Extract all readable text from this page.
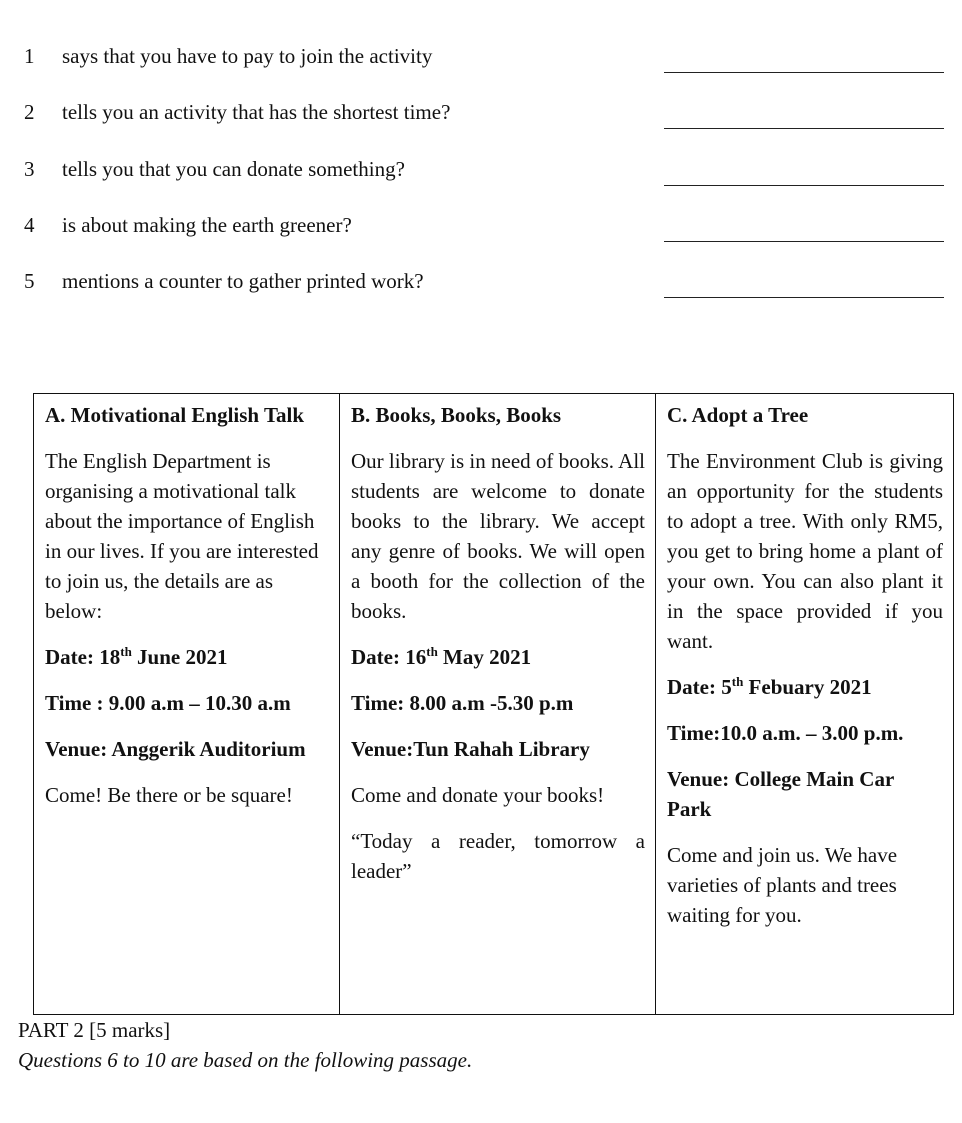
1 says that you have to pay to join the activity
2 tells you an activity that has the shortest time?
3 tells you that you can donate something?
4 is about making the earth greener?
5 mentions a counter to gather printed work?

A. Motivational English Talk

The English Department is organising a motivational talk about the importance of English in our lives. If you are interested to join us, the details are as below:

Date: 18th June 2021

Time : 9.00 a.m – 10.30 a.m

Venue: Anggerik Auditorium

Come! Be there or be square!

B. Books, Books, Books

Our library is in need of books. All students are welcome to donate books to the library. We accept any genre of books. We will open a booth for the collection of the books.

Date: 16th May 2021

Time: 8.00 a.m -5.30 p.m

Venue:Tun Rahah Library

Come and donate your books!

“Today a reader, tomorrow a leader”

C. Adopt a Tree

The Environment Club is giving an opportunity for the students to adopt a tree. With only RM5, you get to bring home a plant of your own. You can also plant it in the space provided if you want.

Date: 5th Febuary 2021

Time:10.0 a.m. – 3.00 p.m.

Venue: College Main Car Park

Come and join us. We have varieties of plants and trees waiting for you.

PART 2 [5 marks]
Questions 6 to 10 are based on the following passage.
